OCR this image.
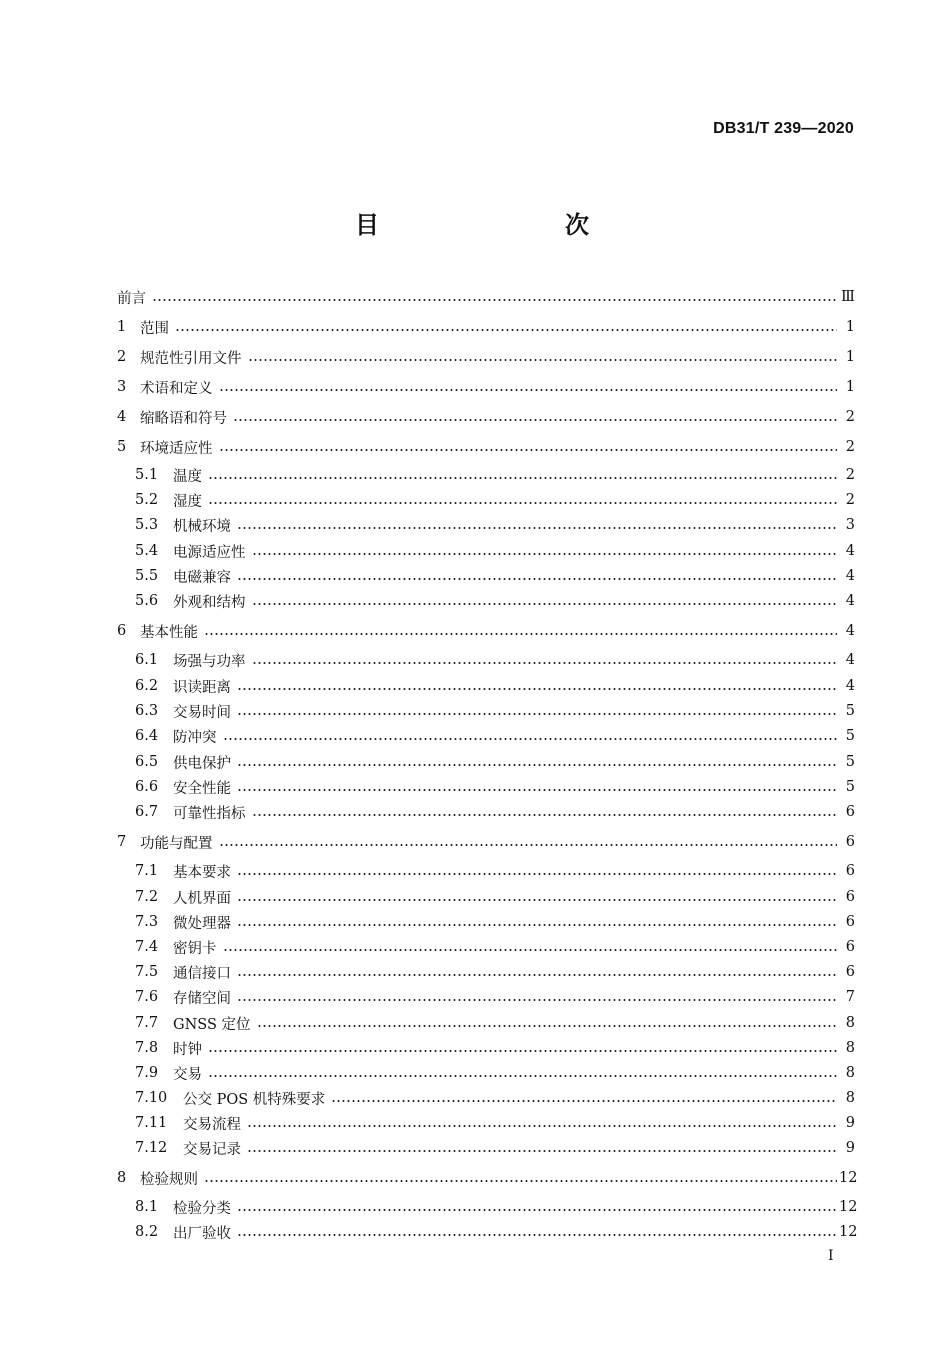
DB31/T 239—2020
目　　次
前言	Ⅲ
1 范围	1
2 规范性引用文件	1
3 术语和定义	1
4 缩略语和符号	2
5 环境适应性	2
5.1	温度	2
5.2	湿度	2
5.3	机械环境	3
5.4	电源适应性	4
5.5	电磁兼容	4
5.6	外观和结构	4
6 基本性能	4
6.1	场强与功率	4
6.2	识读距离	4
6.3	交易时间	5
6.4	防冲突	5
6.5	供电保护	5
6.6	安全性能	5
6.7	可靠性指标	6
7 功能与配置	6
7.1	基本要求	6
7.2	人机界面	6
7.3	微处理器	6
7.4	密钥卡	6
7.5	通信接口	6
7.6	存储空间	7
7.7	GNSS 定位	8
7.8	时钟	8
7.9	交易	8
7.10	公交 POS 机特殊要求	8
7.11	交易流程	9
7.12	交易记录	9
8 检验规则	12
8.1	检验分类	12
8.2	出厂验收	12
I
